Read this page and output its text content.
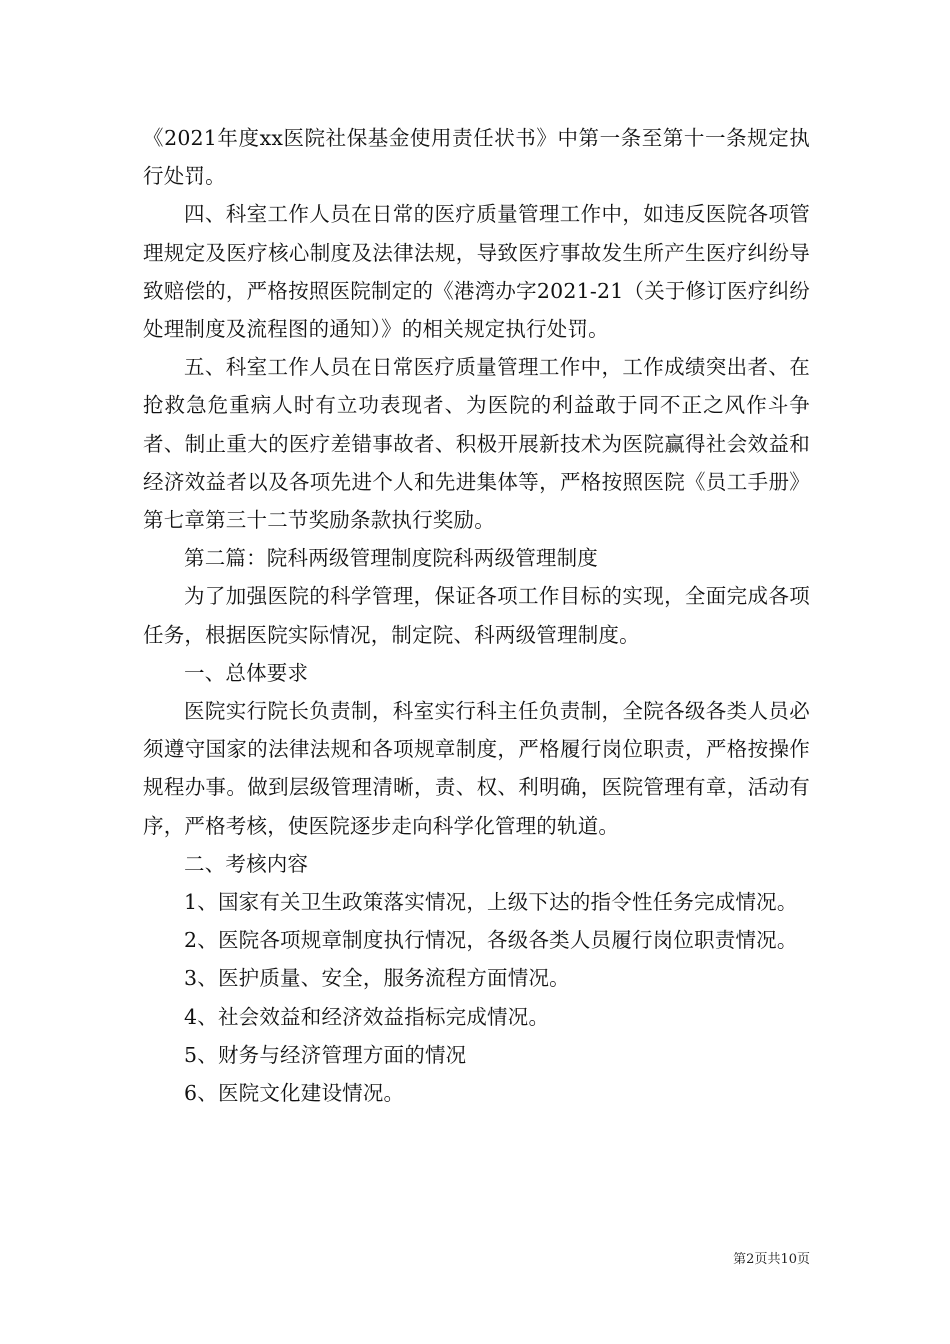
《2021年度xx医院社保基金使用责任状书》中第一条至第十一条规定执行处罚。

四、科室工作人员在日常的医疗质量管理工作中，如违反医院各项管理规定及医疗核心制度及法律法规，导致医疗事故发生所产生医疗纠纷导致赔偿的，严格按照医院制定的《港湾办字2021-21（关于修订医疗纠纷处理制度及流程图的通知）》的相关规定执行处罚。

五、科室工作人员在日常医疗质量管理工作中，工作成绩突出者、在抢救急危重病人时有立功表现者、为医院的利益敢于同不正之风作斗争者、制止重大的医疗差错事故者、积极开展新技术为医院赢得社会效益和经济效益者以及各项先进个人和先进集体等，严格按照医院《员工手册》第七章第三十二节奖励条款执行奖励。

第二篇：院科两级管理制度院科两级管理制度

为了加强医院的科学管理，保证各项工作目标的实现，全面完成各项任务，根据医院实际情况，制定院、科两级管理制度。

一、总体要求

医院实行院长负责制，科室实行科主任负责制，全院各级各类人员必须遵守国家的法律法规和各项规章制度，严格履行岗位职责，严格按操作规程办事。做到层级管理清晰，责、权、利明确，医院管理有章，活动有序，严格考核，使医院逐步走向科学化管理的轨道。

二、考核内容

1、国家有关卫生政策落实情况，上级下达的指令性任务完成情况。

2、医院各项规章制度执行情况，各级各类人员履行岗位职责情况。

3、医护质量、安全，服务流程方面情况。

4、社会效益和经济效益指标完成情况。

5、财务与经济管理方面的情况

6、医院文化建设情况。

第2页共10页
